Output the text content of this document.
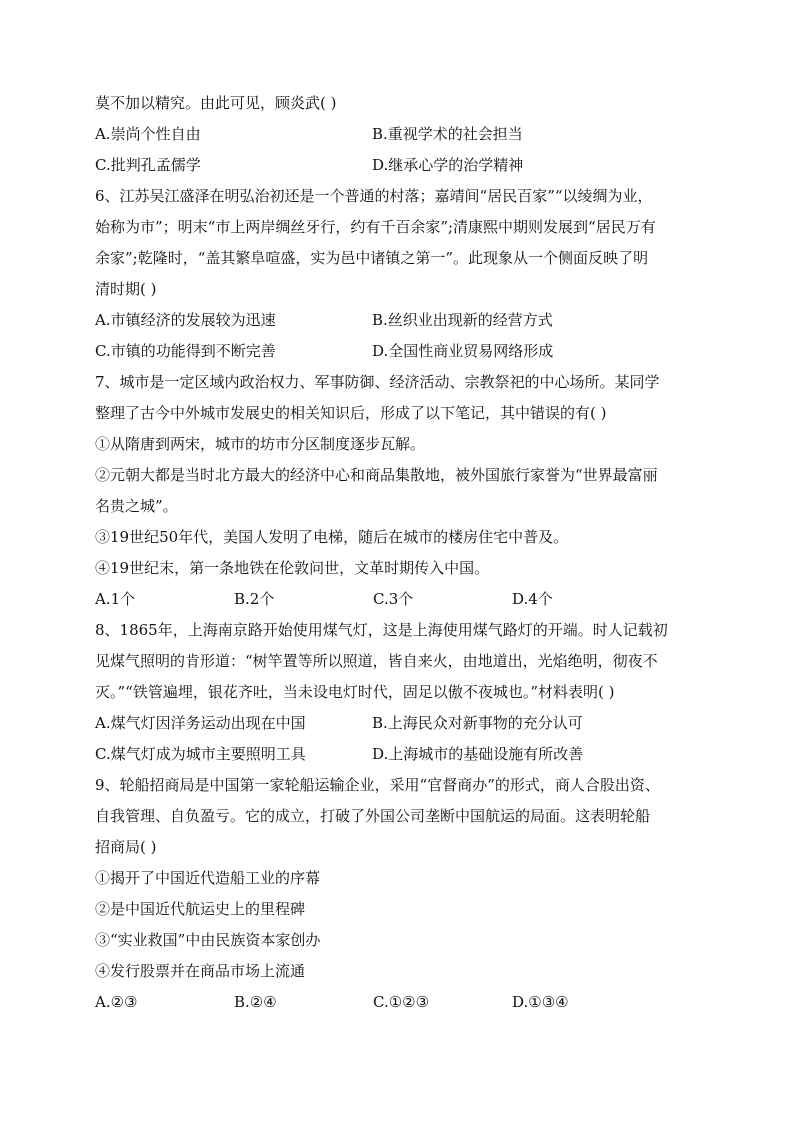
莫不加以精究。由此可见，顾炎武( )

A.崇尚个性自由	B.重视学术的社会担当
C.批判孔孟儒学	D.继承心学的治学精神

6、江苏吴江盛泽在明弘治初还是一个普通的村落；嘉靖间“居民百家”“以绫绸为业，

始称为市”；明末“市上两岸绸丝牙行，约有千百余家”;清康熙中期则发展到“居民万有

余家”;乾隆时，“盖其繁阜喧盛，实为邑中诸镇之第一”。此现象从一个侧面反映了明

清时期( )

A.市镇经济的发展较为迅速	B.丝织业出现新的经营方式
C.市镇的功能得到不断完善	D.全国性商业贸易网络形成

7、城市是一定区域内政治权力、军事防御、经济活动、宗教祭祀的中心场所。某同学

整理了古今中外城市发展史的相关知识后，形成了以下笔记，其中错误的有( )

①从隋唐到两宋，城市的坊市分区制度逐步瓦解。

②元朝大都是当时北方最大的经济中心和商品集散地，被外国旅行家誉为“世界最富丽

名贵之城”。

③19世纪50年代，美国人发明了电梯，随后在城市的楼房住宅中普及。

④19世纪末，第一条地铁在伦敦问世，文革时期传入中国。

A.1个	B.2个	C.3个	D.4个

8、1865年，上海南京路开始使用煤气灯，这是上海使用煤气路灯的开端。时人记载初

见煤气照明的肯形道：“树竿置等所以照道，皆自来火，由地道出，光焰绝明，彻夜不

灭。”“铁管遍埋，银花齐吐，当未设电灯时代，固足以傲不夜城也。”材料表明( )

A.煤气灯因洋务运动出现在中国	B.上海民众对新事物的充分认可
C.煤气灯成为城市主要照明工具	D.上海城市的基础设施有所改善

9、轮船招商局是中国第一家轮船运输企业，采用“官督商办”的形式，商人合股出资、

自我管理、自负盈亏。它的成立，打破了外国公司垄断中国航运的局面。这表明轮船

招商局( )

①揭开了中国近代造船工业的序幕

②是中国近代航运史上的里程碑

③“实业救国”中由民族资本家创办

④发行股票并在商品市场上流通

A.②③	B.②④	C.①②③	D.①③④
